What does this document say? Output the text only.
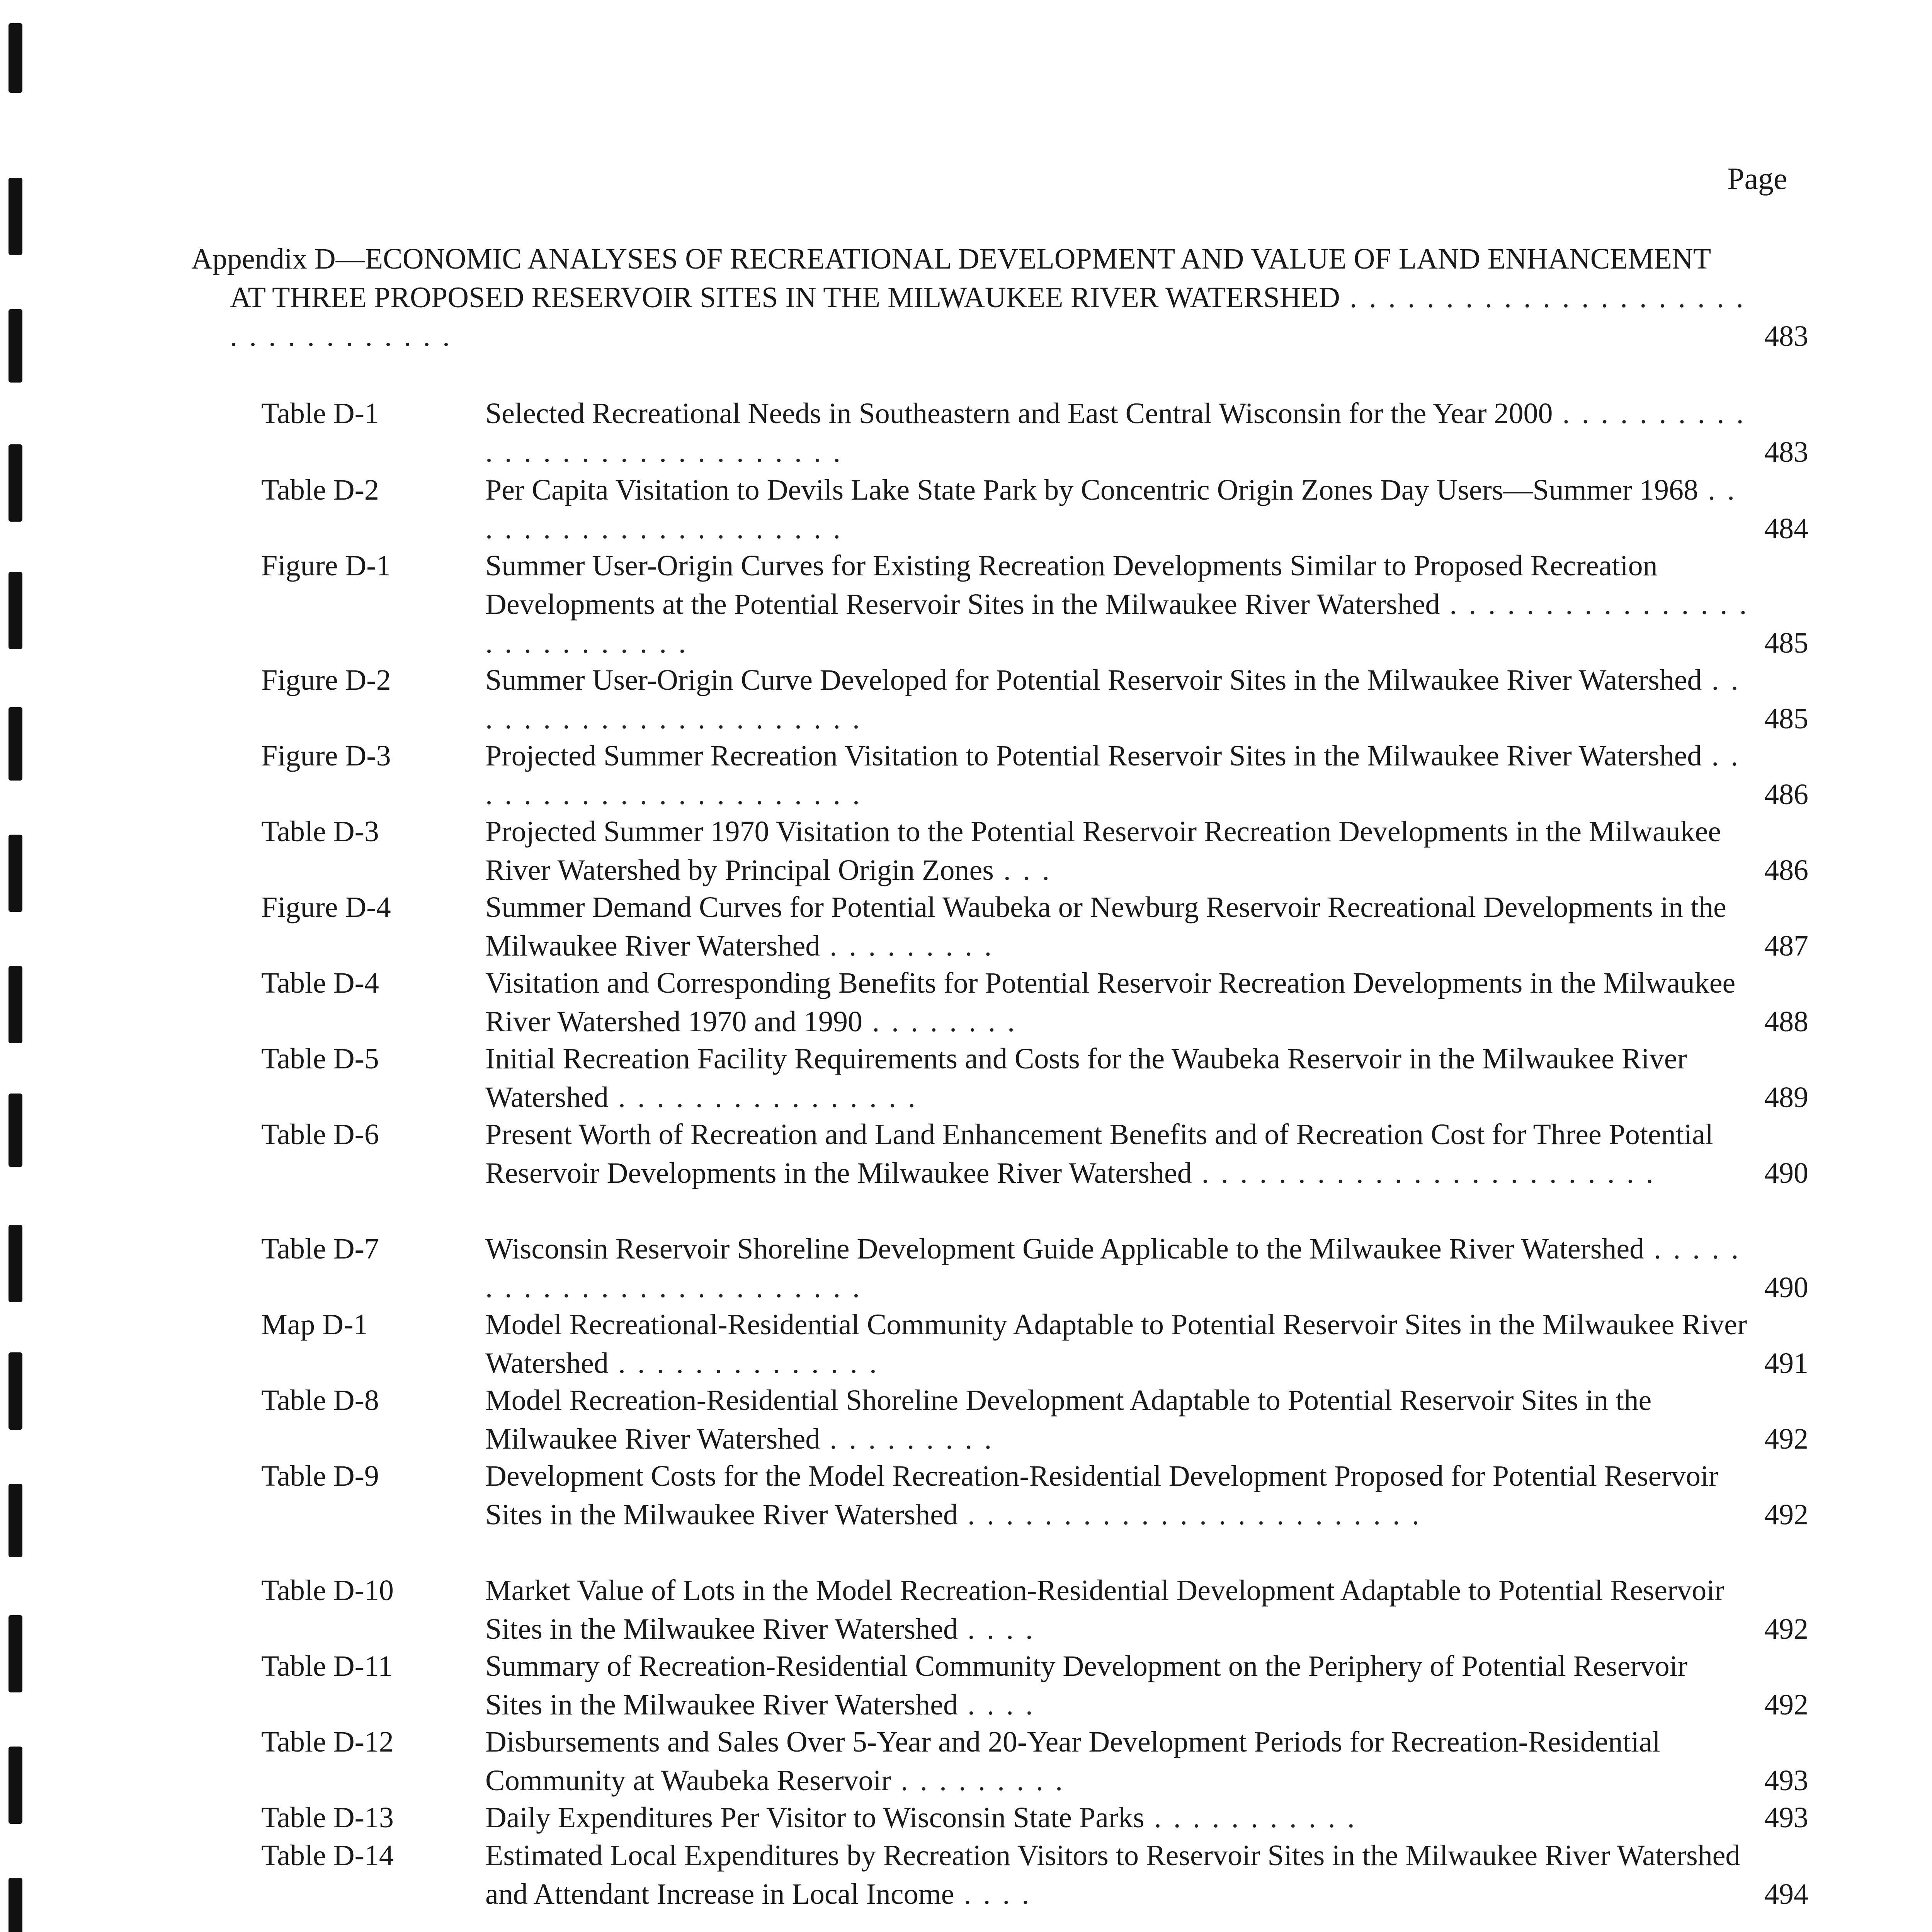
Page
Appendix D—ECONOMIC ANALYSES OF RECREATIONAL DEVELOPMENT AND VALUE OF LAND ENHANCEMENT AT THREE PROPOSED RESERVOIR SITES IN THE MILWAUKEE RIVER WATERSHED . . . . . . . . . . . . . . . . . . . . . . . . . . . . . . . . .	483
Table D-1	Selected Recreational Needs in Southeastern and East Central Wisconsin for the Year 2000 . . . . . . . . . . . . . . . . . . . . . . . . . . . . .	483
Table D-2	Per Capita Visitation to Devils Lake State Park by Concentric Origin Zones Day Users—Summer 1968 . . . . . . . . . . . . . . . . . . . . .	484
Figure D-1	Summer User-Origin Curves for Existing Recreation Developments Similar to Proposed Recreation Developments at the Potential Reservoir Sites in the Milwaukee River Watershed . . . . . . . . . . . . . . . . . . . . . . . . . . .	485
Figure D-2	Summer User-Origin Curve Developed for Potential Reservoir Sites in the Milwaukee River Watershed . . . . . . . . . . . . . . . . . . . . . .	485
Figure D-3	Projected Summer Recreation Visitation to Potential Reservoir Sites in the Milwaukee River Watershed . . . . . . . . . . . . . . . . . . . . . .	486
Table D-3	Projected Summer 1970 Visitation to the Potential Reservoir Recreation Developments in the Milwaukee River Watershed by Principal Origin Zones . . .	486
Figure D-4	Summer Demand Curves for Potential Waubeka or Newburg Reservoir Recreational Developments in the Milwaukee River Watershed . . . . . . . . .	487
Table D-4	Visitation and Corresponding Benefits for Potential Reservoir Recreation Developments in the Milwaukee River Watershed 1970 and 1990 . . . . . . . .	488
Table D-5	Initial Recreation Facility Requirements and Costs for the Waubeka Reservoir in the Milwaukee River Watershed . . . . . . . . . . . . . . . .	489
Table D-6	Present Worth of Recreation and Land Enhancement Benefits and of Recreation Cost for Three Potential Reservoir Developments in the Milwaukee River Watershed . . . . . . . . . . . . . . . . . . . . . . . .	490
Table D-7	Wisconsin Reservoir Shoreline Development Guide Applicable to the Milwaukee River Watershed . . . . . . . . . . . . . . . . . . . . . . . . .	490
Map D-1	Model Recreational-Residential Community Adaptable to Potential Reservoir Sites in the Milwaukee River Watershed . . . . . . . . . . . . . .	491
Table D-8	Model Recreation-Residential Shoreline Development Adaptable to Potential Reservoir Sites in the Milwaukee River Watershed . . . . . . . . .	492
Table D-9	Development Costs for the Model Recreation-Residential Development Proposed for Potential Reservoir Sites in the Milwaukee River Watershed . . . . . . . . . . . . . . . . . . . . . . . .	492
Table D-10	Market Value of Lots in the Model Recreation-Residential Development Adaptable to Potential Reservoir Sites in the Milwaukee River Watershed . . . .	492
Table D-11	Summary of Recreation-Residential Community Development on the Periphery of Potential Reservoir Sites in the Milwaukee River Watershed . . . .	492
Table D-12	Disbursements and Sales Over 5-Year and 20-Year Development Periods for Recreation-Residential Community at Waubeka Reservoir . . . . . . . . .	493
Table D-13	Daily Expenditures Per Visitor to Wisconsin State Parks . . . . . . . . . . .	493
Table D-14	Estimated Local Expenditures by Recreation Visitors to Reservoir Sites in the Milwaukee River Watershed and Attendant Increase in Local Income . . . .	494
